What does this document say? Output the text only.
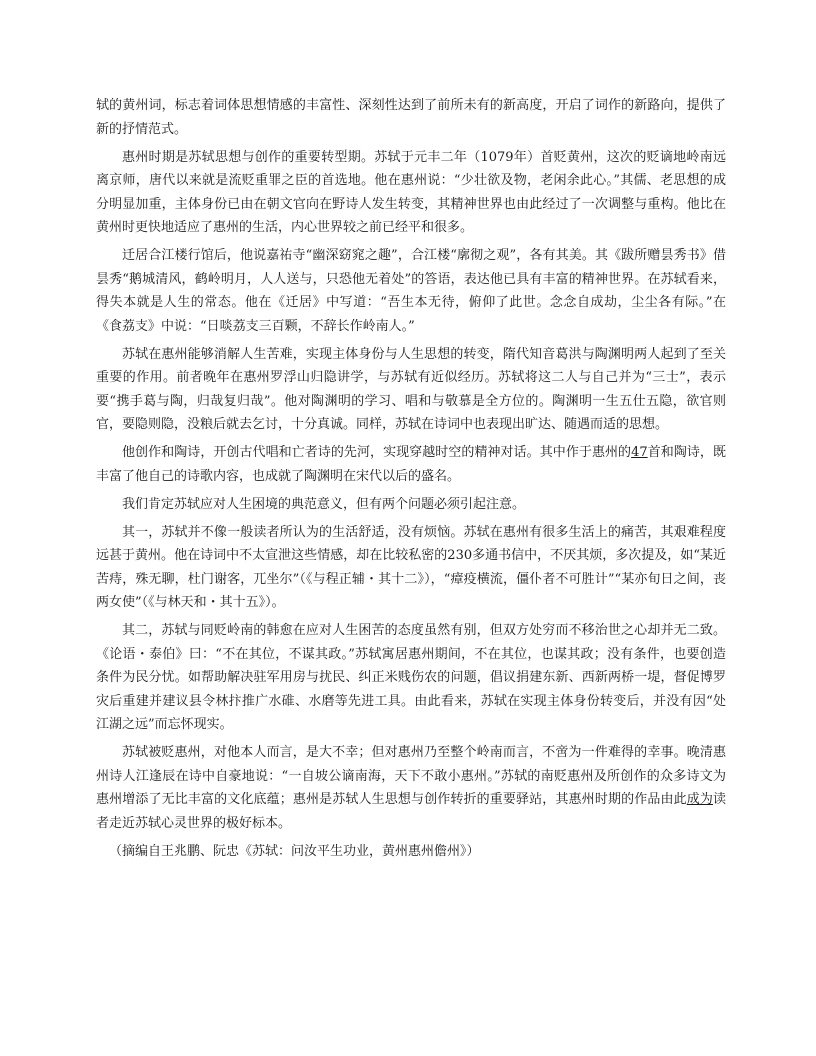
轼的黄州词，标志着词体思想情感的丰富性、深刻性达到了前所未有的新高度，开启了词作的新路向，提供了新的抒情范式。

惠州时期是苏轼思想与创作的重要转型期。苏轼于元丰二年（1079年）首贬黄州，这次的贬谪地岭南远离京师，唐代以来就是流贬重罪之臣的首选地。他在惠州说：“少壮欲及物，老闲余此心。”其儒、老思想的成分明显加重，主体身份已由在朝文官向在野诗人发生转变，其精神世界也由此经过了一次调整与重构。他比在黄州时更快地适应了惠州的生活，内心世界较之前已经平和很多。

迁居合江楼行馆后，他说嘉祐寺“幽深窈窕之趣”，合江楼“廓彻之观”，各有其美。其《跋所赠昙秀书》借昙秀“鹅城清风，鹤岭明月，人人送与，只恐他无着处”的答语，表达他已具有丰富的精神世界。在苏轼看来，得失本就是人生的常态。他在《迁居》中写道：“吾生本无待，俯仰了此世。念念自成劫，尘尘各有际。”在《食荔支》中说：“日啖荔支三百颗，不辞长作岭南人。”

苏轼在惠州能够消解人生苦难，实现主体身份与人生思想的转变，隋代知音葛洪与陶渊明两人起到了至关重要的作用。前者晚年在惠州罗浮山归隐讲学，与苏轼有近似经历。苏轼将这二人与自己并为“三士”，表示要“携手葛与陶，归哉复归哉”。他对陶渊明的学习、唱和与敬慕是全方位的。陶渊明一生五仕五隐，欲官则官，要隐则隐，没粮后就去乞讨，十分真诚。同样，苏轼在诗词中也表现出旷达、随遇而适的思想。

他创作和陶诗，开创古代唱和亡者诗的先河，实现穿越时空的精神对话。其中作于惠州的47首和陶诗，既丰富了他自己的诗歌内容，也成就了陶渊明在宋代以后的盛名。

我们肯定苏轼应对人生困境的典范意义，但有两个问题必须引起注意。

其一，苏轼并不像一般读者所认为的生活舒适，没有烦恼。苏轼在惠州有很多生活上的痛苦，其艰难程度远甚于黄州。他在诗词中不太宣泄这些情感，却在比较私密的230多通书信中，不厌其烦，多次提及，如“某近苦痔，殊无聊，杜门谢客，兀坐尔”（《与程正辅・其十二》），“瘴疫横流，僵仆者不可胜计”“某亦旬日之间，丧两女使”（《与林天和・其十五》）。

其二，苏轼与同贬岭南的韩愈在应对人生困苦的态度虽然有别，但双方处穷而不移治世之心却并无二致。《论语・泰伯》曰：“不在其位，不谋其政。”苏轼寓居惠州期间，不在其位，也谋其政；没有条件，也要创造条件为民分忧。如帮助解决驻军用房与扰民、纠正米贱伤农的问题，倡议捐建东新、西新两桥一堤，督促博罗灾后重建并建议县令林抃推广水碓、水磨等先进工具。由此看来，苏轼在实现主体身份转变后，并没有因“处江湖之远”而忘怀现实。

苏轼被贬惠州，对他本人而言，是大不幸；但对惠州乃至整个岭南而言，不啻为一件难得的幸事。晚清惠州诗人江逢辰在诗中自豪地说：“一自坡公谪南海，天下不敢小惠州。”苏轼的南贬惠州及所创作的众多诗文为惠州增添了无比丰富的文化底蕴；惠州是苏轼人生思想与创作转折的重要驿站，其惠州时期的作品由此成为读者走近苏轼心灵世界的极好标本。

（摘编自王兆鹏、阮忠《苏轼：问汝平生功业，黄州惠州儋州》）
